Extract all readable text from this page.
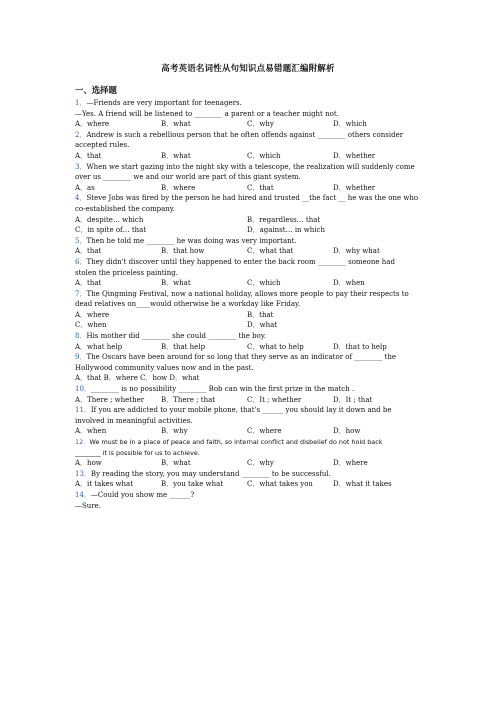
高考英语名词性从句知识点易错题汇编附解析
一、选择题
1．—Friends are very important for teenagers.
—Yes. A friend will be listened to ________ a parent or a teacher might not.
A．where	B．what	C．why	D．which
2．Andrew is such a rebellious person that he often offends against ________ others consider
accepted rules.
A．that	B．what	C．which	D．whether
3．When we start gazing into the night sky with a telescope, the realization will suddenly come
over us ________ we and our world are part of this giant system.
A．as	B．where	C．that	D．whether
4．Steve Jobs was fired by the person he had hired and trusted __the fact __ he was the one who
co-established the company.
A．despite… which	B．regardless… that
C．in spite of… that	D．against… in which
5．Then he told me ________ he was doing was very important.
A．that	B．that how	C．what that	D．why what
6．They didn't discover until they happened to enter the back room ________ someone had
stolen the priceless painting.
A．that	B．what	C．which	D．when
7．The Qingming Festival, now a national holiday, allows more people to pay their respects to
dead relatives on____would otherwise be a workday like Friday.
A．where	B．that
C．when	D．what
8．His mother did ________ she could ________ the boy.
A．what help	B．that help	C．what to help	D．that to help
9．The Oscars have been around for so long that they serve as an indicator of ________ the
Hollywood community values now and in the past.
A．that B．where C．how D．what
10．________ is no possibility ________ Bob can win the first prize in the match .
A．There ; whether B．There ; that	C．It ; whether	D．It ; that
11．If you are addicted to your mobile phone, that's ______ you should lay it down and be
involved in meaningful activities.
A．when	B．why	C．where	D．how
12．We must be in a place of peace and faith, so internal conflict and disbelief do not hold back
________ it is possible for us to achieve.
A．how	B．what	C．why	D．where
13．By reading the story, you may understand ________ to be successful.
A．it takes what	B．you take what	C．what takes you	D．what it takes
14．—Could you show me ______?
—Sure.
